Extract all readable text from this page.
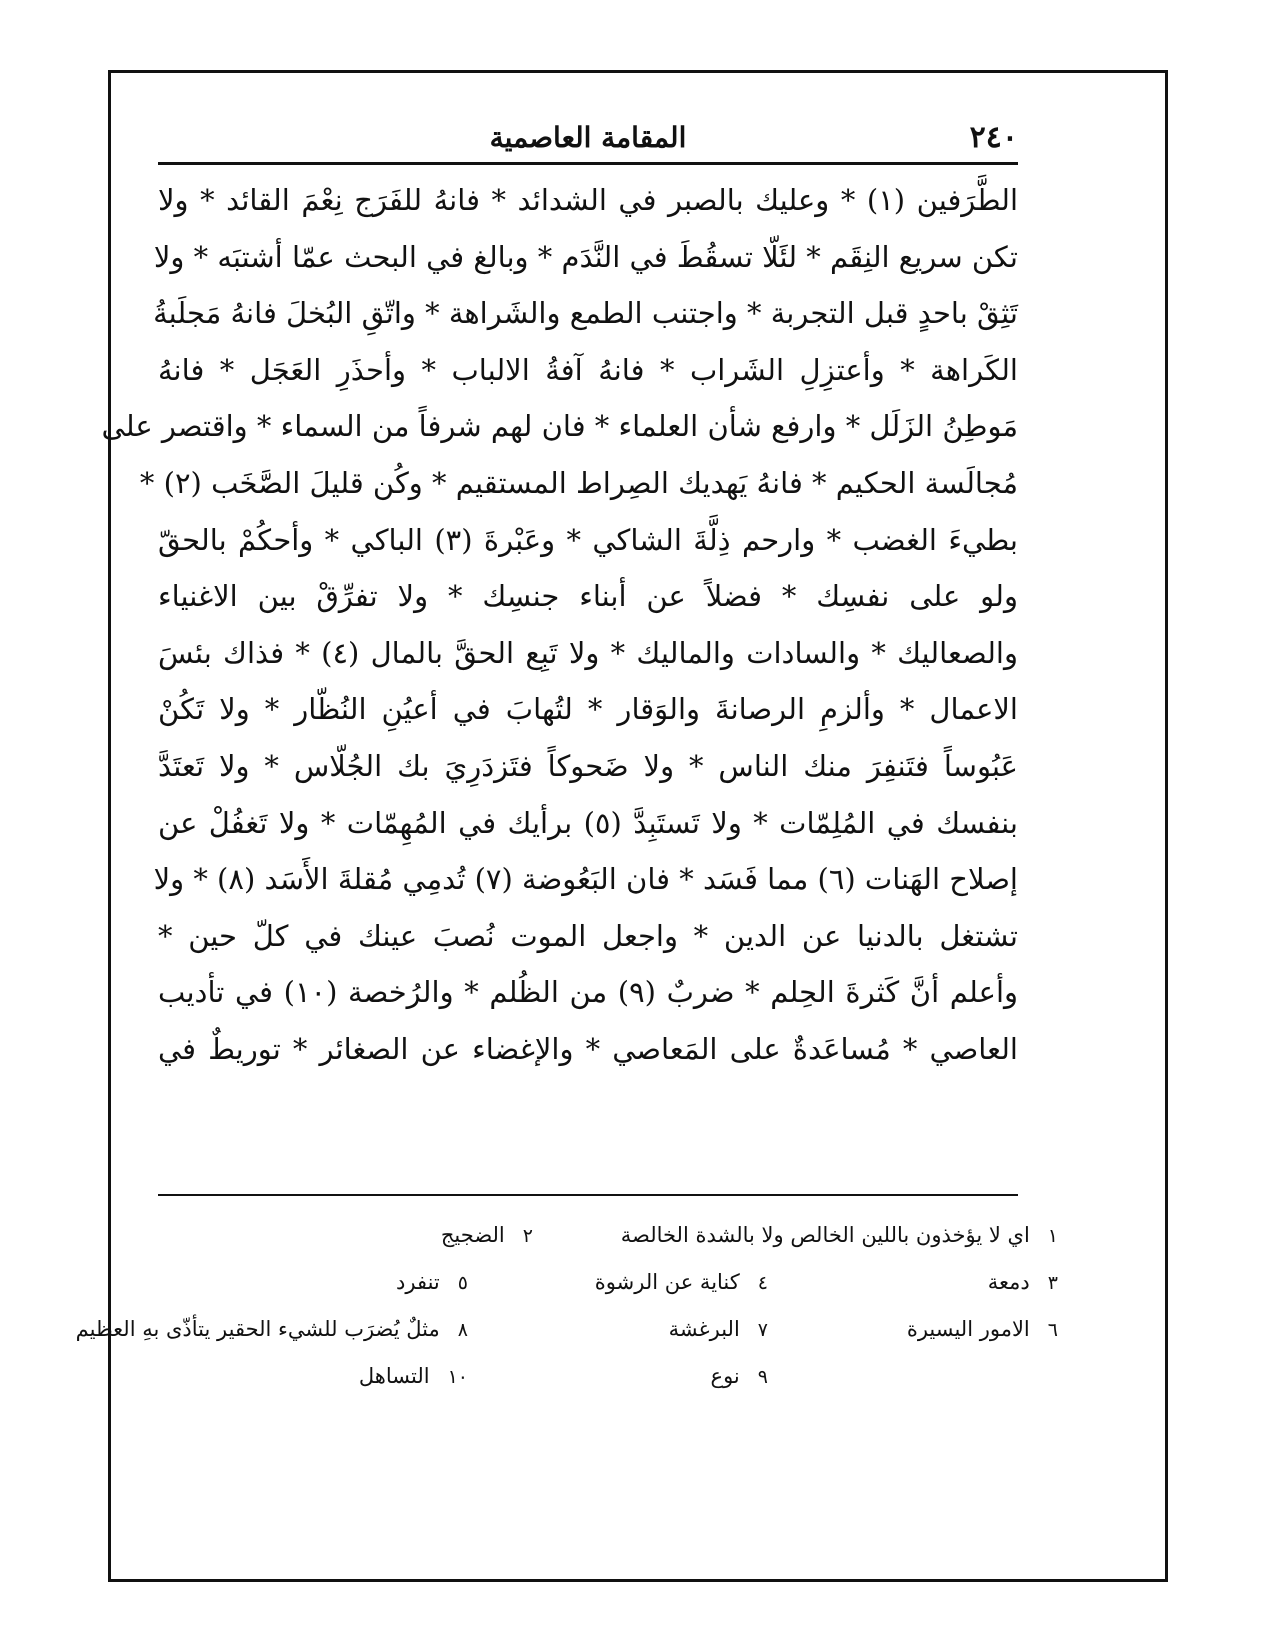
٢٤٠
المقامة العاصمية
الطَّرَفين (١) * وعليك بالصبر في الشدائد * فانهُ للفَرَج نِعْمَ القائد * ولا
تكن سريع النِقَم * لئَلّا تسقُطَ في النَّدَم * وبالغ في البحث عمّا أشتبَه * ولا
تَثِقْ باحدٍ قبل التجربة * واجتنب الطمع والشَراهة * واتّقِ البُخلَ فانهُ مَجلَبةُ
الكَراهة * وأعتزِلِ الشَراب * فانهُ آفةُ الالباب * وأحذَرِ العَجَل * فانهُ
مَوطِنُ الزَلَل * وارفع شأن العلماء * فان لهم شرفاً من السماء * واقتصر على
مُجالَسة الحكيم * فانهُ يَهديك الصِراط المستقيم * وكُن قليلَ الصَّخَب (٢) *
بطيءَ الغضب * وارحم ذِلَّةَ الشاكي * وعَبْرةَ (٣) الباكي * وأحكُمْ بالحقّ
ولو على نفسِك * فضلاً عن أبناء جنسِك * ولا تفرِّقْ بين الاغنياء
والصعاليك * والسادات والماليك * ولا تَبِع الحقَّ بالمال (٤) * فذاك بئسَ
الاعمال * وألزمِ الرصانةَ والوَقار * لتُهابَ في أعيُنِ النُظّار * ولا تَكُنْ
عَبُوساً فتَنفِرَ منك الناس * ولا ضَحوكاً فتَزدَرِيَ بك الجُلّاس * ولا تَعتَدَّ
بنفسك في المُلِمّات * ولا تَستَبِدَّ (٥) برأيك في المُهِمّات * ولا تَغفُلْ عن
إصلاح الهَنات (٦) مما فَسَد * فان البَعُوضة (٧) تُدمِي مُقلةَ الأَسَد (٨) * ولا
تشتغل بالدنيا عن الدين * واجعل الموت نُصبَ عينك في كلّ حين *
وأعلم أنَّ كَثرةَ الحِلم * ضربٌ (٩) من الظُلم * والرُخصة (١٠) في تأديب
العاصي * مُساعَدةٌ على المَعاصي * والإغضاء عن الصغائر * توريطٌ في
١اي لا يؤخذون باللين الخالص ولا بالشدة الخالصة
٢الضجيج
٣دمعة
٤كناية عن الرشوة
٥تنفرد
٦الامور اليسيرة
٧البرغشة
٨مثلٌ يُضرَب للشيء الحقير يتأذّى بهِ العظيم
٩نوع
١٠التساهل
